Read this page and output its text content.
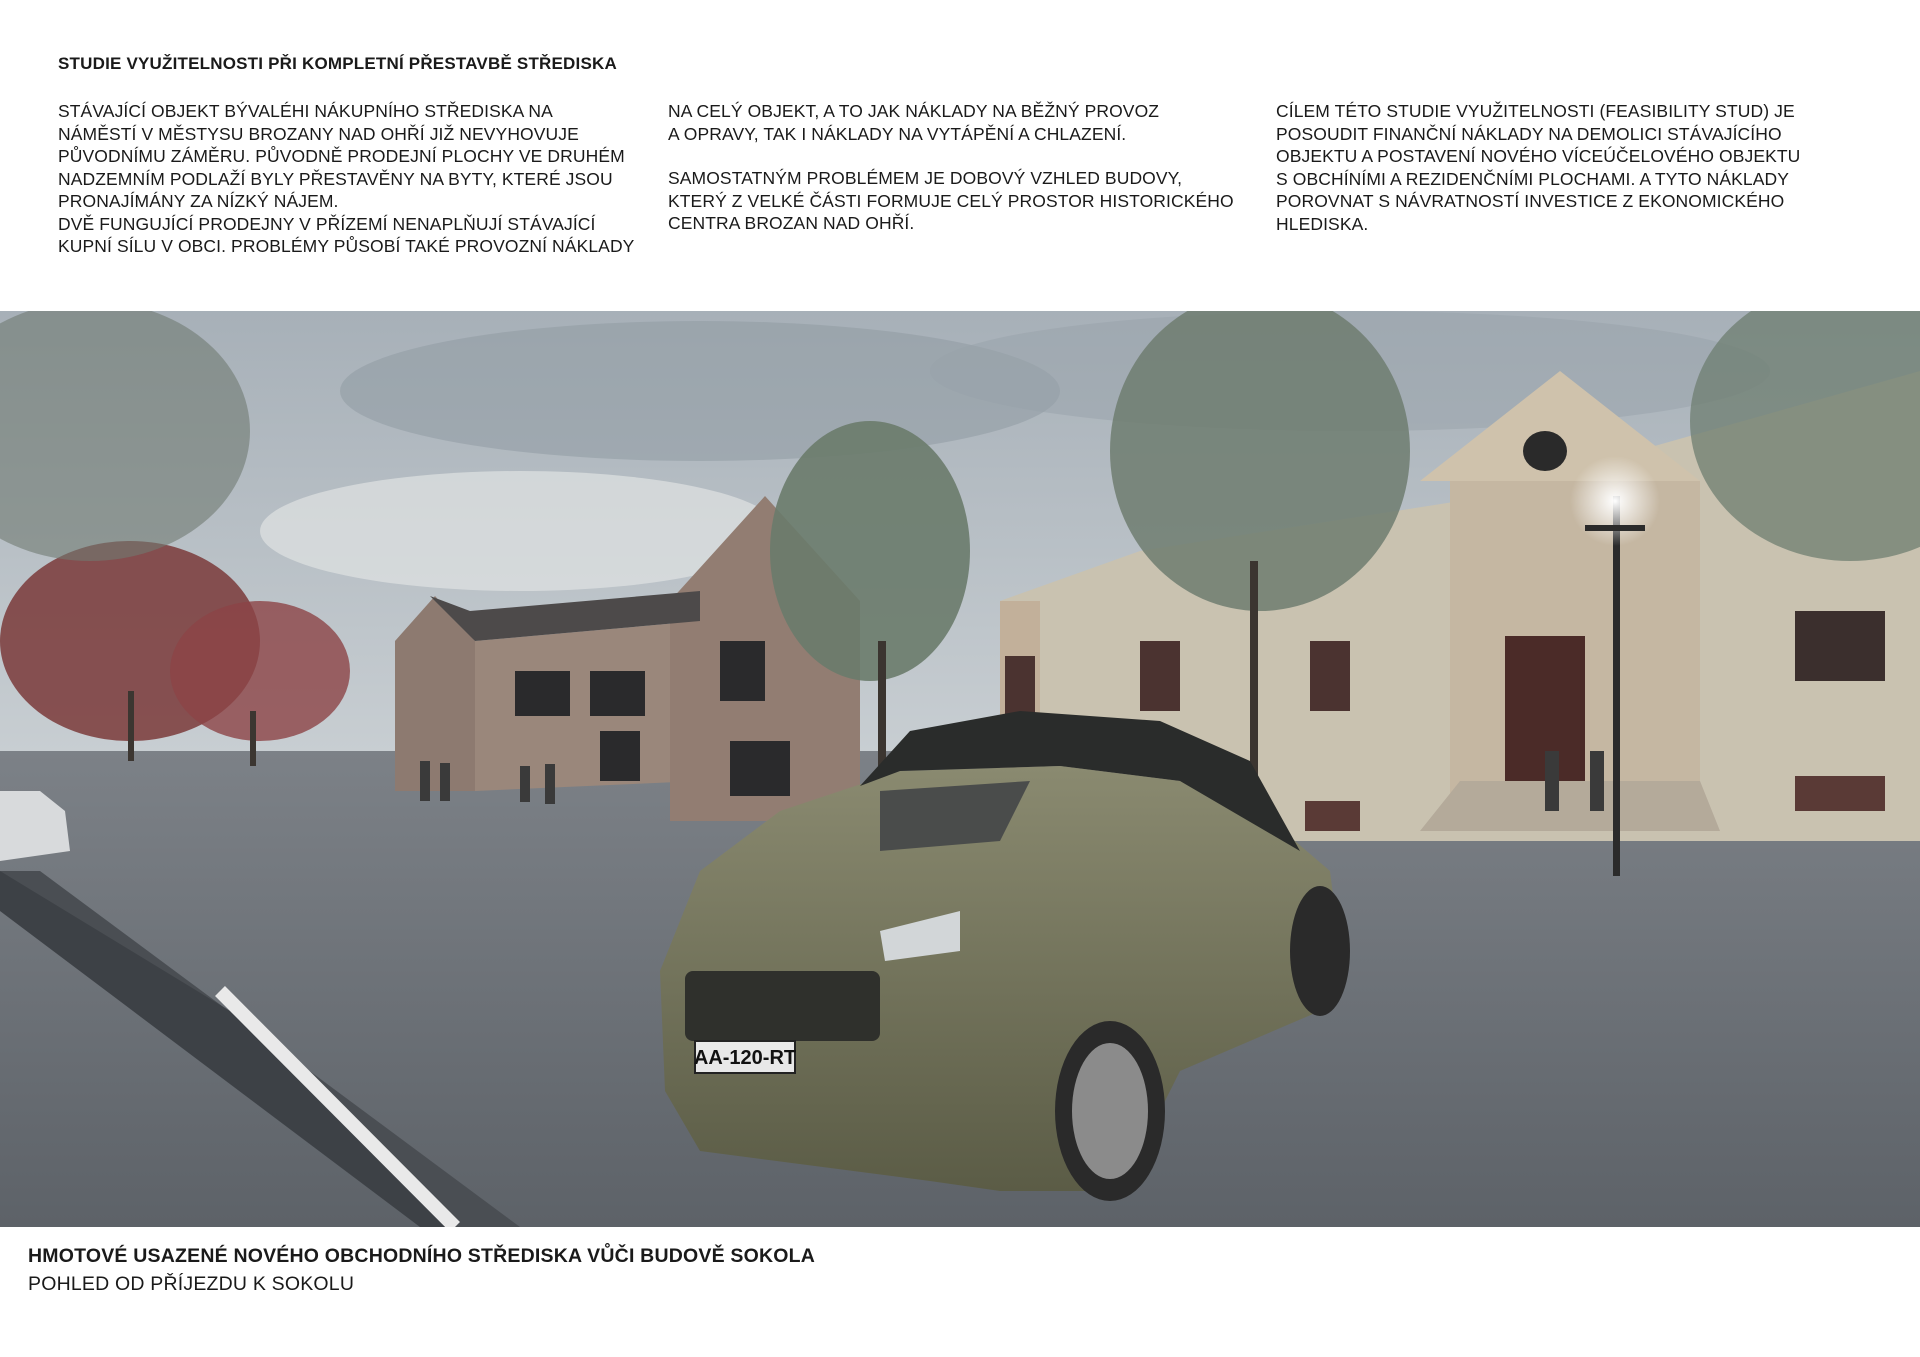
STUDIE VYUŽITELNOSTI PŘI KOMPLETNÍ PŘESTAVBĚ STŘEDISKA

STÁVAJÍCÍ OBJEKT BÝVALÉHI NÁKUPNÍHO STŘEDISKA NA
NÁMĚSTÍ V MĚSTYSU BROZANY NAD OHŘÍ JIŽ NEVYHOVUJE
PŮVODNÍMU ZÁMĚRU. PŮVODNĚ PRODEJNÍ PLOCHY VE DRUHÉM
NADZEMNÍM PODLAŽÍ BYLY PŘESTAVĚNY NA BYTY, KTERÉ JSOU
PRONAJÍMÁNY ZA NÍZKÝ NÁJEM.
DVĚ FUNGUJÍCÍ PRODEJNY V PŘÍZEMÍ NENAPLŇUJÍ STÁVAJÍCÍ
KUPNÍ SÍLU V OBCI. PROBLÉMY PŮSOBÍ TAKÉ PROVOZNÍ NÁKLADY

NA CELÝ OBJEKT, A TO JAK NÁKLADY NA BĚŽNÝ PROVOZ
A OPRAVY, TAK I NÁKLADY NA VYTÁPĚNÍ A CHLAZENÍ.

SAMOSTATNÝM PROBLÉMEM JE DOBOVÝ VZHLED BUDOVY,
KTERÝ Z VELKÉ ČÁSTI FORMUJE CELÝ PROSTOR HISTORICKÉHO
CENTRA BROZAN NAD OHŘÍ.

CÍLEM TÉTO STUDIE VYUŽITELNOSTI (FEASIBILITY STUD) JE
POSOUDIT FINANČNÍ NÁKLADY NA DEMOLICI STÁVAJÍCÍHO
OBJEKTU A POSTAVENÍ NOVÉHO VÍCEÚČELOVÉHO OBJEKTU
S OBCHÍNÍMI A REZIDENČNÍMI PLOCHAMI. A TYTO NÁKLADY
POROVNAT S NÁVRATNOSTÍ INVESTICE Z EKONOMICKÉHO
HLEDISKA.

AA-120-RT
HMOTOVÉ USAZENÉ NOVÉHO OBCHODNÍHO STŘEDISKA VŮČI BUDOVĚ SOKOLA
POHLED OD PŘÍJEZDU K SOKOLU
